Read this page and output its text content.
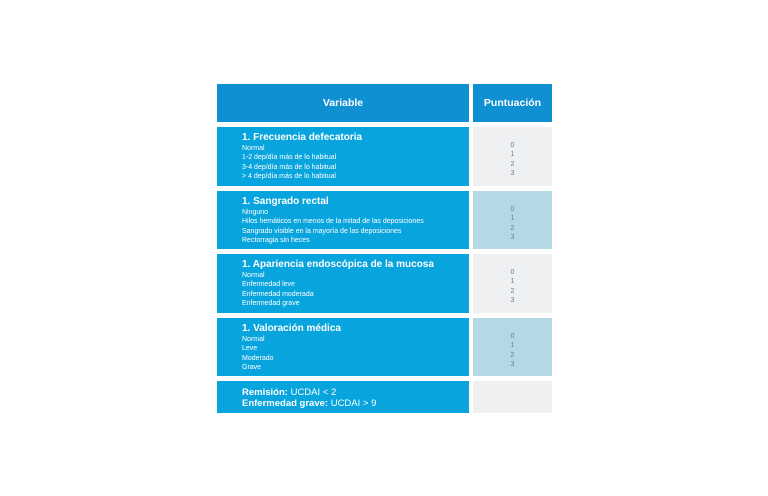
Variable	Puntuación
1. Frecuencia defecatoria
Normal
1-2 dep/día más de lo habitual
3-4 dep/día más de lo habitual
> 4 dep/día más de lo habitual
0
1
2
3
1. Sangrado rectal
Ninguno
Hilos hemáticos en menos de la mitad de las deposiciones
Sangrado visible en la mayoría de las deposiciones
Rectorragia sin heces
0
1
2
3
1. Apariencia endoscópica de la mucosa
Normal
Enfermedad leve
Enfermedad moderada
Enfermedad grave
0
1
2
3
1. Valoración médica
Normal
Leve
Moderado
Grave
0
1
2
3
Remisión: UCDAI < 2
Enfermedad grave: UCDAI > 9
